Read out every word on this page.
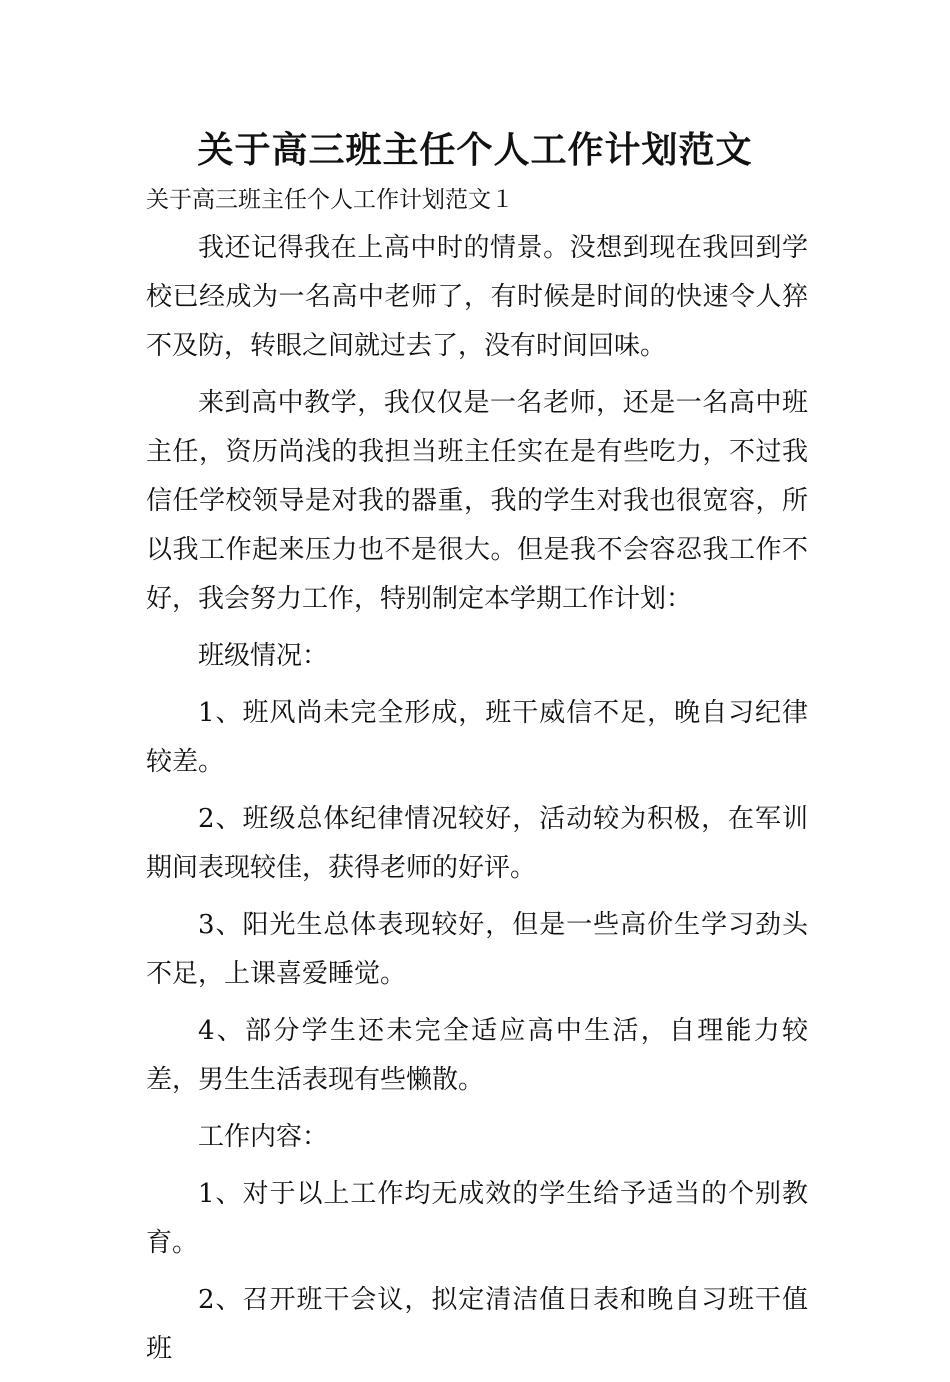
关于高三班主任个人工作计划范文
关于高三班主任个人工作计划范文１

我还记得我在上高中时的情景。没想到现在我回到学校已经成为一名高中老师了，有时候是时间的快速令人猝不及防，转眼之间就过去了，没有时间回味。

来到高中教学，我仅仅是一名老师，还是一名高中班主任，资历尚浅的我担当班主任实在是有些吃力，不过我信任学校领导是对我的器重，我的学生对我也很宽容，所以我工作起来压力也不是很大。但是我不会容忍我工作不好，我会努力工作，特别制定本学期工作计划：

班级情况：

1、班风尚未完全形成，班干威信不足，晚自习纪律较差。

2、班级总体纪律情况较好，活动较为积极，在军训期间表现较佳，获得老师的好评。

3、阳光生总体表现较好，但是一些高价生学习劲头不足，上课喜爱睡觉。

4、部分学生还未完全适应高中生活，自理能力较差，男生生活表现有些懒散。

工作内容：

1、对于以上工作均无成效的学生给予适当的个别教育。

2、召开班干会议，拟定清洁值日表和晚自习班干值班
